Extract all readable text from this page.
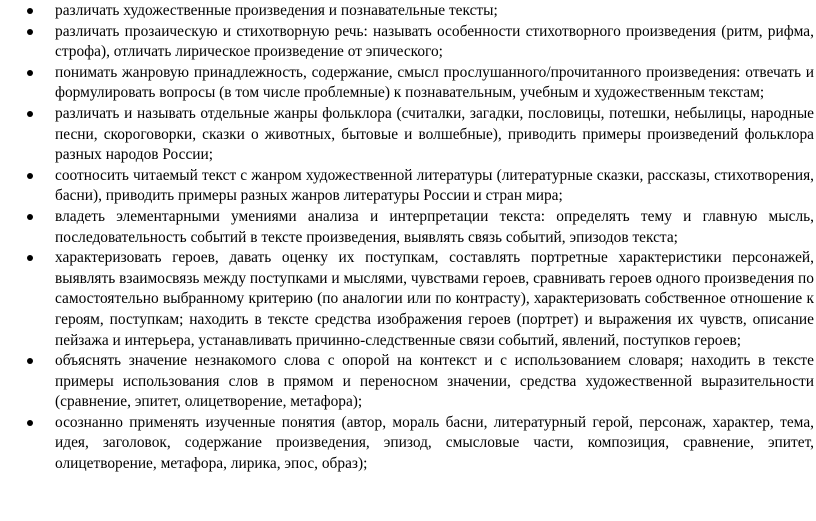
различать художественные произведения и познавательные тексты;
различать прозаическую и стихотворную речь: называть особенности стихотворного произведения (ритм, рифма, строфа), отличать лирическое произведение от эпического;
понимать жанровую принадлежность, содержание, смысл прослушанного/прочитанного произведения: отвечать и формулировать вопросы (в том числе проблемные) к познавательным, учебным и художественным текстам;
различать и называть отдельные жанры фольклора (считалки, загадки, пословицы, потешки, небылицы, народные песни, скороговорки, сказки о животных, бытовые и волшебные), приводить примеры произведений фольклора разных народов России;
соотносить читаемый текст с жанром художественной литературы (литературные сказки, рассказы, стихотворения, басни), приводить примеры разных жанров литературы России и стран мира;
владеть элементарными умениями анализа и интерпретации текста: определять тему и главную мысль, последовательность событий в тексте произведения, выявлять связь событий, эпизодов текста;
характеризовать героев, давать оценку их поступкам, составлять портретные характеристики персонажей, выявлять взаимосвязь между поступками и мыслями, чувствами героев, сравнивать героев одного произведения по самостоятельно выбранному критерию (по аналогии или по контрасту), характеризовать собственное отношение к героям, поступкам; находить в тексте средства изображения героев (портрет) и выражения их чувств, описание пейзажа и интерьера, устанавливать причинно-следственные связи событий, явлений, поступков героев;
объяснять значение незнакомого слова с опорой на контекст и с использованием словаря; находить в тексте примеры использования слов в прямом и переносном значении, средства художественной выразительности (сравнение, эпитет, олицетворение, метафора);
осознанно применять изученные понятия (автор, мораль басни, литературный герой, персонаж, характер, тема, идея, заголовок, содержание произведения, эпизод, смысловые части, композиция, сравнение, эпитет, олицетворение, метафора, лирика, эпос, образ);
